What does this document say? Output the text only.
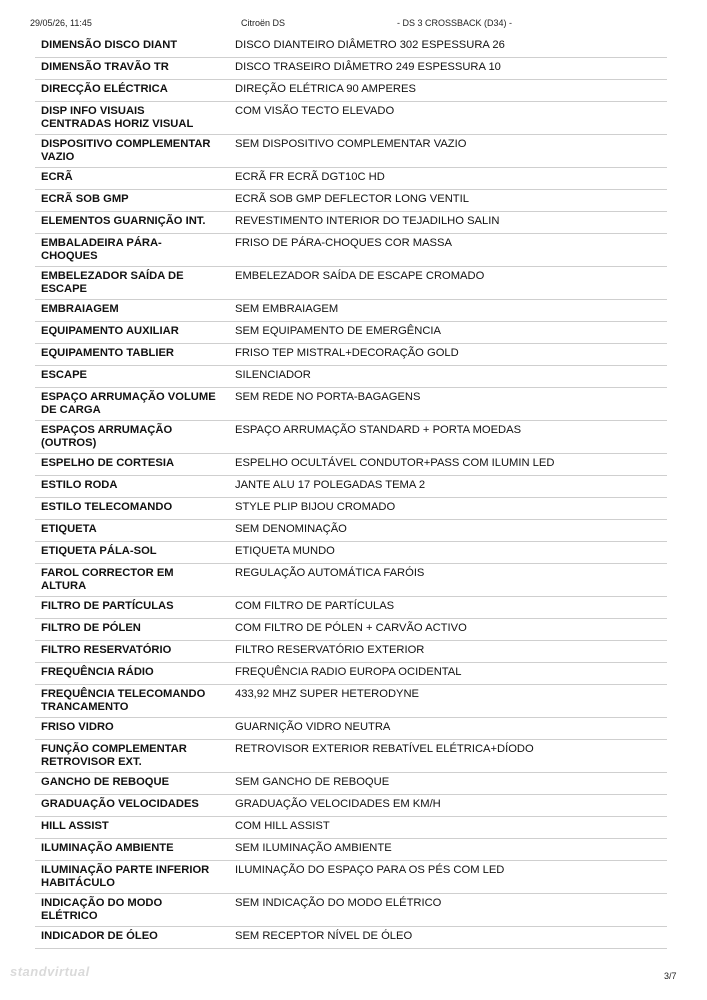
29/05/26, 11:45	Citroën DS	- DS 3 CROSSBACK (D34) -
DIMENSÃO DISCO DIANT	DISCO DIANTEIRO DIÂMETRO 302 ESPESSURA 26
DIMENSÃO TRAVÃO TR	DISCO TRASEIRO DIÂMETRO 249 ESPESSURA 10
DIRECÇÃO ELÉCTRICA	DIREÇÃO ELÉTRICA 90 AMPERES
DISP INFO VISUAIS CENTRADAS HORIZ VISUAL	COM VISÃO TECTO ELEVADO
DISPOSITIVO COMPLEMENTAR VAZIO	SEM DISPOSITIVO COMPLEMENTAR VAZIO
ECRÃ	ECRÃ FR ECRÃ DGT10C HD
ECRÃ SOB GMP	ECRÃ SOB GMP DEFLECTOR LONG VENTIL
ELEMENTOS GUARNIÇÃO INT.	REVESTIMENTO INTERIOR DO TEJADILHO SALIN
EMBALADEIRA PÁRA-CHOQUES	FRISO DE PÁRA-CHOQUES COR MASSA
EMBELEZADOR SAÍDA DE ESCAPE	EMBELEZADOR SAÍDA DE ESCAPE CROMADO
EMBRAIAGEM	SEM EMBRAIAGEM
EQUIPAMENTO AUXILIAR	SEM EQUIPAMENTO DE EMERGÊNCIA
EQUIPAMENTO TABLIER	FRISO TEP MISTRAL+DECORAÇÃO GOLD
ESCAPE	SILENCIADOR
ESPAÇO ARRUMAÇÃO VOLUME DE CARGA	SEM REDE NO PORTA-BAGAGENS
ESPAÇOS ARRUMAÇÃO (OUTROS)	ESPAÇO ARRUMAÇÃO STANDARD + PORTA MOEDAS
ESPELHO DE CORTESIA	ESPELHO OCULTÁVEL CONDUTOR+PASS COM ILUMIN LED
ESTILO RODA	JANTE ALU 17 POLEGADAS TEMA 2
ESTILO TELECOMANDO	STYLE PLIP BIJOU CROMADO
ETIQUETA	SEM DENOMINAÇÃO
ETIQUETA PÁLA-SOL	ETIQUETA MUNDO
FAROL CORRECTOR EM ALTURA	REGULAÇÃO AUTOMÁTICA FARÓIS
FILTRO DE PARTÍCULAS	COM FILTRO DE PARTÍCULAS
FILTRO DE PÓLEN	COM FILTRO DE PÓLEN + CARVÃO ACTIVO
FILTRO RESERVATÓRIO	FILTRO RESERVATÓRIO EXTERIOR
FREQUÊNCIA RÁDIO	FREQUÊNCIA RADIO EUROPA OCIDENTAL
FREQUÊNCIA TELECOMANDO TRANCAMENTO	433,92 MHZ SUPER HETERODYNE
FRISO VIDRO	GUARNIÇÃO VIDRO NEUTRA
FUNÇÃO COMPLEMENTAR RETROVISOR EXT.	RETROVISOR EXTERIOR REBATÍVEL ELÉTRICA+DÍODO
GANCHO DE REBOQUE	SEM GANCHO DE REBOQUE
GRADUAÇÃO VELOCIDADES	GRADUAÇÃO VELOCIDADES EM KM/H
HILL ASSIST	COM HILL ASSIST
ILUMINAÇÃO AMBIENTE	SEM ILUMINAÇÃO AMBIENTE
ILUMINAÇÃO PARTE INFERIOR HABITÁCULO	ILUMINAÇÃO DO ESPAÇO PARA OS PÉS COM LED
INDICAÇÃO DO MODO ELÉTRICO	SEM INDICAÇÃO DO MODO ELÉTRICO
INDICADOR DE ÓLEO	SEM RECEPTOR NÍVEL DE ÓLEO
standvirtual	3/7
